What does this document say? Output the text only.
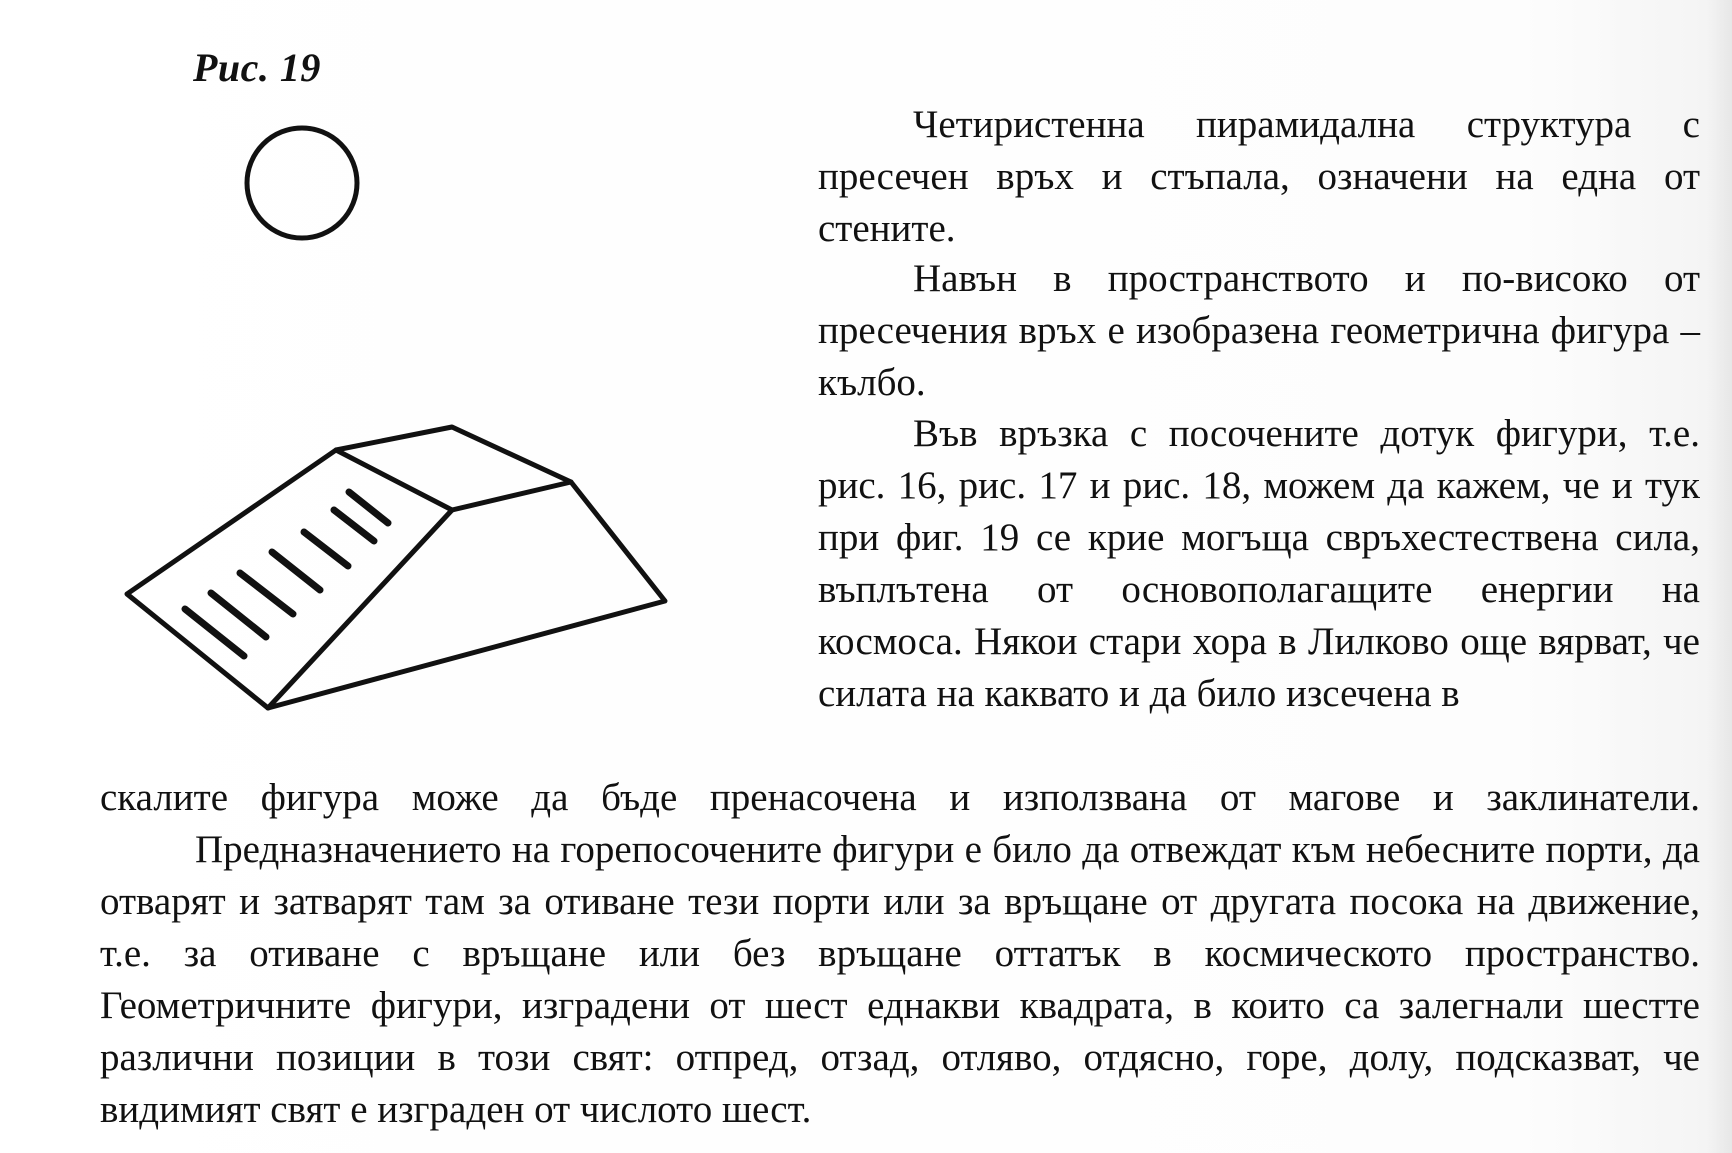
Рис. 19

Четиристенна пирамидална структура с пресечен връх и стъпала, означени на една от стените.

Навън в пространството и по-високо от пресечения връх е изобразена геометрична фигура – кълбо.

Във връзка с посочените дотук фигури, т.е. рис. 16, рис. 17 и рис. 18, можем да кажем, че и тук при фиг. 19 се крие могъща свръхестествена сила, въплътена от основополагащите енергии на космоса. Някои стари хора в Лилково още вярват, че силата на каквато и да било изсечена в

скалите фигура може да бъде пренасочена и използвана от магове и заклинатели.

Предназначението на горепосочените фигури е било да отвеждат към небесните порти, да отварят и затварят там за отиване тези порти или за връщане от другата посока на движение, т.е. за отиване с връщане или без връщане оттатък в космическото пространство. Геометричните фигури, изградени от шест еднакви квадрата, в които са залегнали шестте различни позиции в този свят: отпред, отзад, отляво, отдясно, горе, долу, подсказват, че видимият свят е изграден от числото шест.
